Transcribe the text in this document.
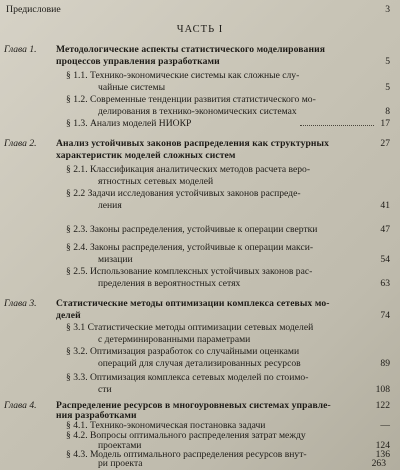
Предисловие	3
ЧАСТЬ I
Глава 1. Методологические аспекты статистического моделирования
процессов управления разработками	5
§ 1.1. Технико-экономические системы как сложные слу-
чайные системы	5
§ 1.2. Современные тенденции развития статистического мо-
делирования в технико-экономических системах	8
§ 1.3. Анализ моделей НИОКР	17
Глава 2. Анализ устойчивых законов распределения как структурных	27
характеристик моделей сложных систем
§ 2.1. Классификация аналитических методов расчета веро-
ятностных сетевых моделей
§ 2.2 Задачи исследования устойчивых законов распреде-
ления	41
§ 2.3. Законы распределения, устойчивые к операции свертки	47
§ 2.4. Законы распределения, устойчивые к операции макси-
мизации	54
§ 2.5. Использование комплексных устойчивых законов рас-
пределения в вероятностных сетях	63
Глава 3. Статистические методы оптимизации комплекса сетевых мо-
делей	74
§ 3.1 Статистические методы оптимизации сетевых моделей
с детерминированными параметрами
§ 3.2. Оптимизация разработок со случайными оценками
операций для случая детализированных ресурсов	89
§ 3.3. Оптимизация комплекса сетевых моделей по стоимо-
сти	108
Глава 4. Распределение ресурсов в многоуровневых системах управле-	122
ния разработками
§ 4.1. Технико-экономическая постановка задачи	—
§ 4.2. Вопросы оптимального распределения затрат между
проектами	124
§ 4.3. Модель оптимального распределения ресурсов внут-	136
ри проекта	263
